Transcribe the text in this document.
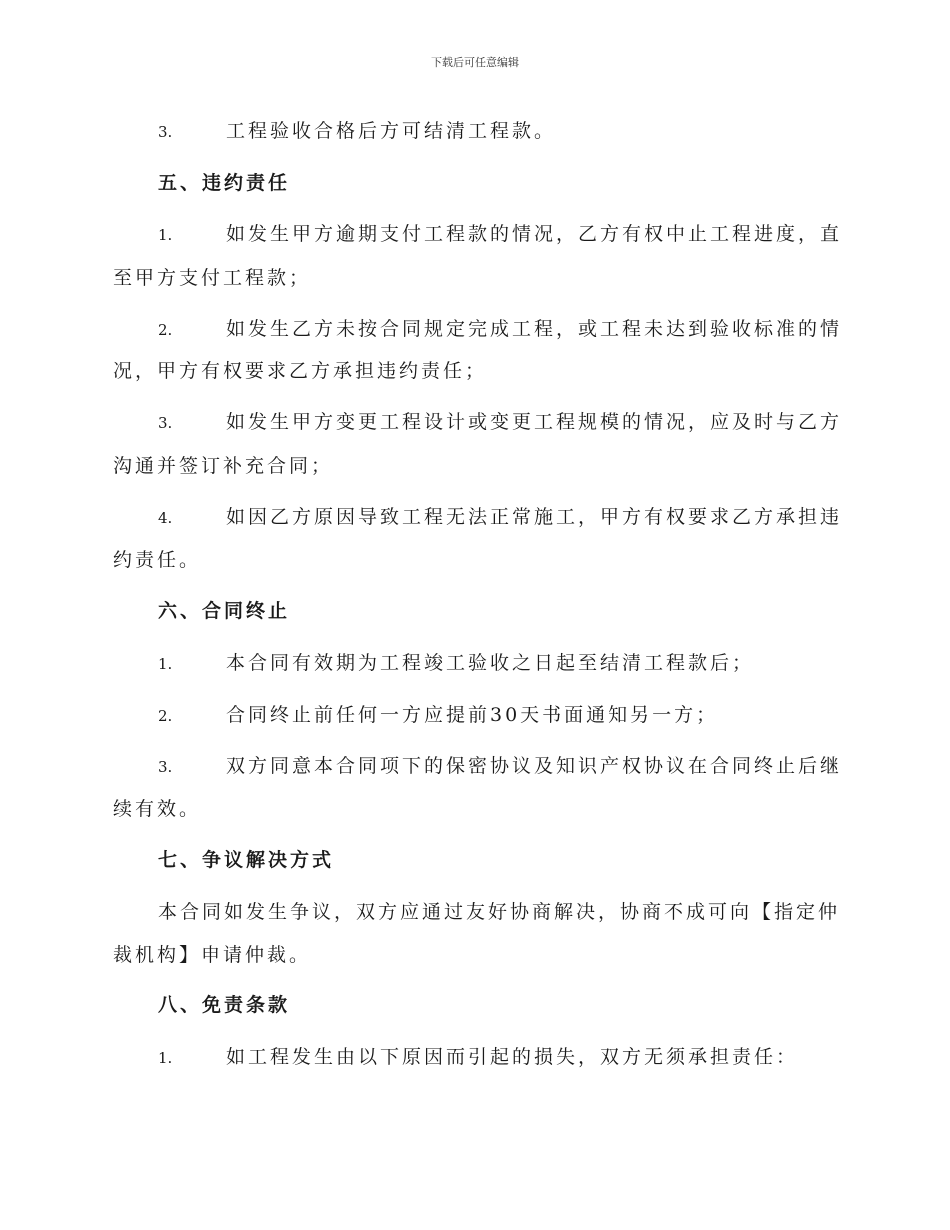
下载后可任意编辑
3.	工程验收合格后方可结清工程款。
五、违约责任
1.	如发生甲方逾期支付工程款的情况，乙方有权中止工程进度，直
至甲方支付工程款；
2.	如发生乙方未按合同规定完成工程，或工程未达到验收标准的情
况，甲方有权要求乙方承担违约责任；
3.	如发生甲方变更工程设计或变更工程规模的情况，应及时与乙方
沟通并签订补充合同；
4.	如因乙方原因导致工程无法正常施工，甲方有权要求乙方承担违
约责任。
六、合同终止
1.	本合同有效期为工程竣工验收之日起至结清工程款后；
2.	合同终止前任何一方应提前30天书面通知另一方；
3.	双方同意本合同项下的保密协议及知识产权协议在合同终止后继
续有效。
七、争议解决方式
本合同如发生争议，双方应通过友好协商解决，协商不成可向【指定仲
裁机构】申请仲裁。
八、免责条款
1.	如工程发生由以下原因而引起的损失，双方无须承担责任：
